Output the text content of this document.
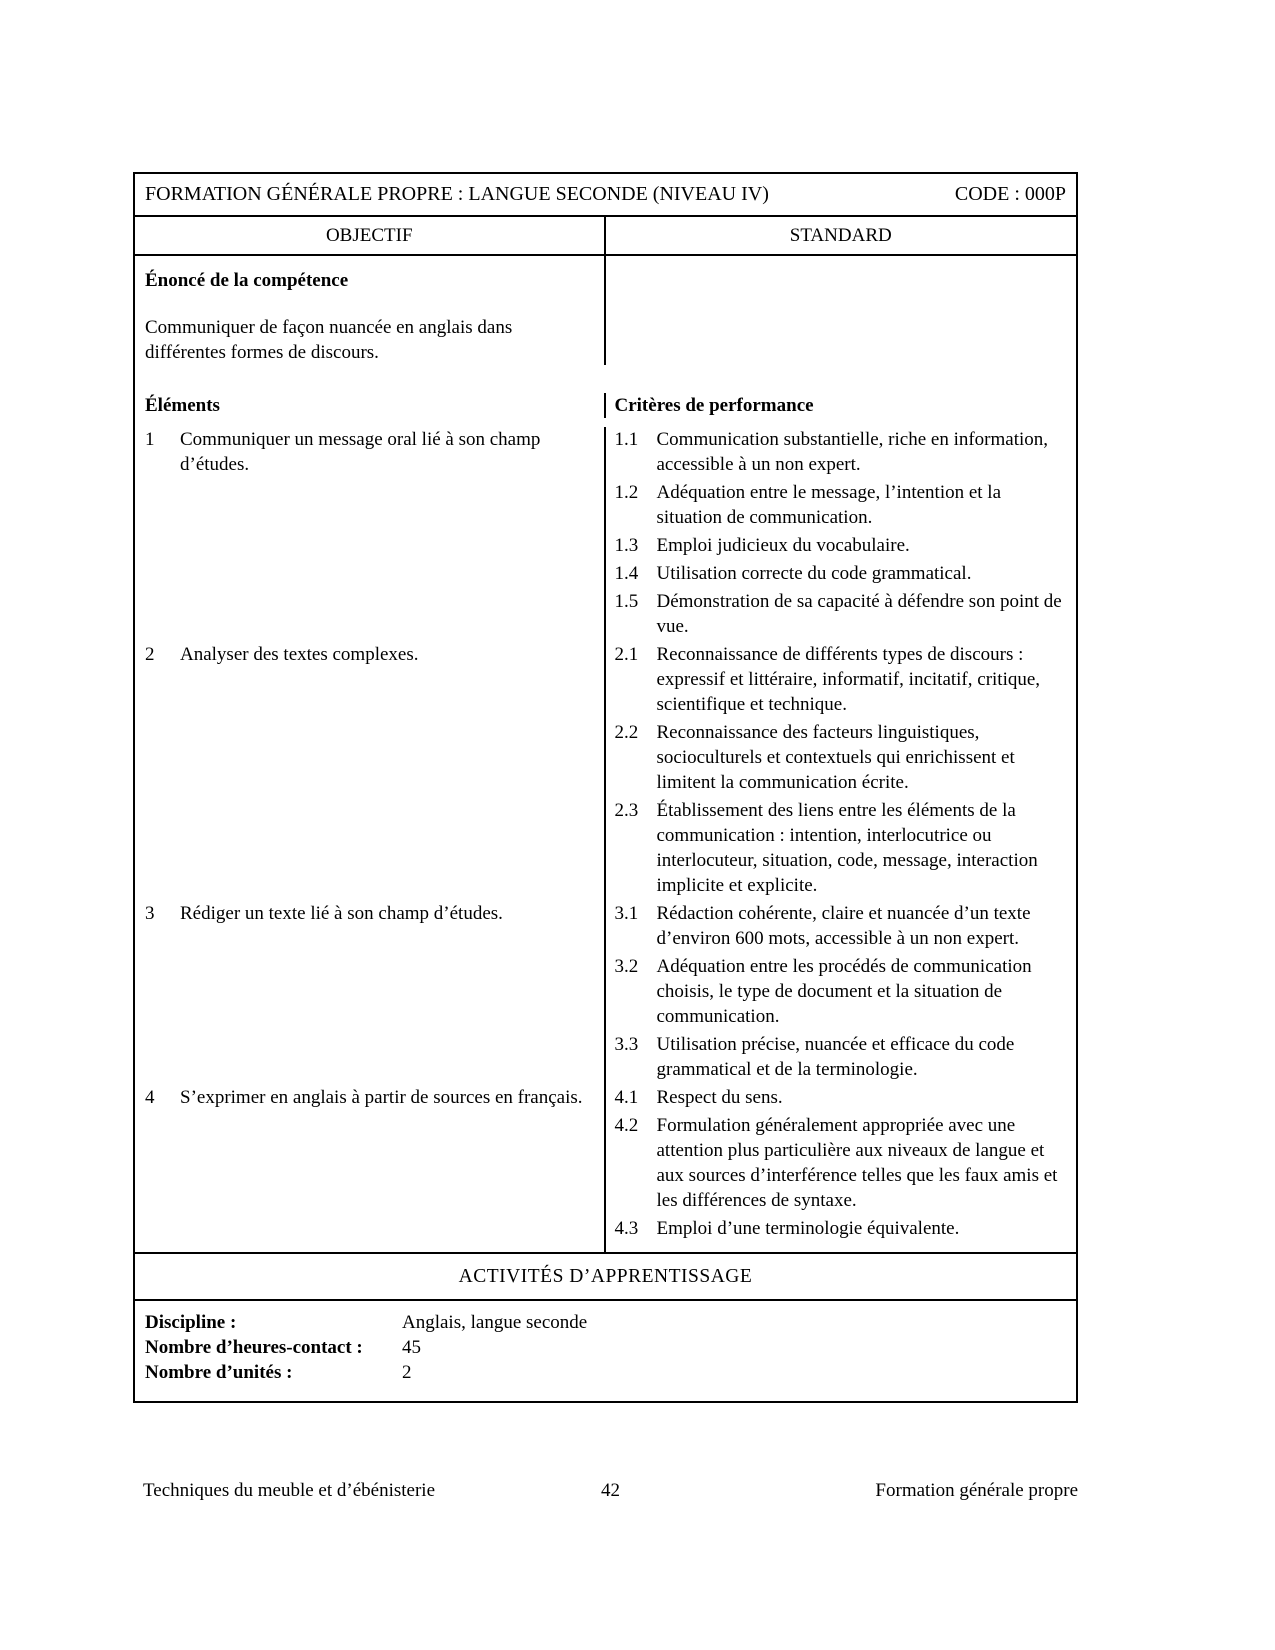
FORMATION GÉNÉRALE PROPRE : LANGUE SECONDE (NIVEAU IV)	CODE : 000P
OBJECTIF	STANDARD

Énoncé de la compétence

Communiquer de façon nuancée en anglais dans différentes formes de discours.

Éléments	Critères de performance

1	Communiquer un message oral lié à son champ d’études.
1.1 Communication substantielle, riche en information, accessible à un non expert.
1.2 Adéquation entre le message, l’intention et la situation de communication.
1.3 Emploi judicieux du vocabulaire.
1.4 Utilisation correcte du code grammatical.
1.5 Démonstration de sa capacité à défendre son point de vue.
2	Analyser des textes complexes.	2.1 Reconnaissance de différents types de discours : expressif et littéraire, informatif, incitatif, critique, scientifique et technique.
2.2 Reconnaissance des facteurs linguistiques, socioculturels et contextuels qui enrichissent et limitent la communication écrite.
2.3 Établissement des liens entre les éléments de la communication : intention, interlocutrice ou interlocuteur, situation, code, message, interaction implicite et explicite.
3	Rédiger un texte lié à son champ d’études.	3.1 Rédaction cohérente, claire et nuancée d’un texte d’environ 600 mots, accessible à un non expert.
3.2 Adéquation entre les procédés de communication choisis, le type de document et la situation de communication.
3.3 Utilisation précise, nuancée et efficace du code grammatical et de la terminologie.
4	S’exprimer en anglais à partir de sources en français.	4.1 Respect du sens.
4.2 Formulation généralement appropriée avec une attention plus particulière aux niveaux de langue et aux sources d’interférence telles que les faux amis et les différences de syntaxe.
4.3 Emploi d’une terminologie équivalente.
ACTIVITÉS D’APPRENTISSAGE
Discipline :	Anglais, langue seconde
Nombre d’heures-contact :	45
Nombre d’unités :	2
Techniques du meuble et d’ébénisterie	42	Formation générale propre
